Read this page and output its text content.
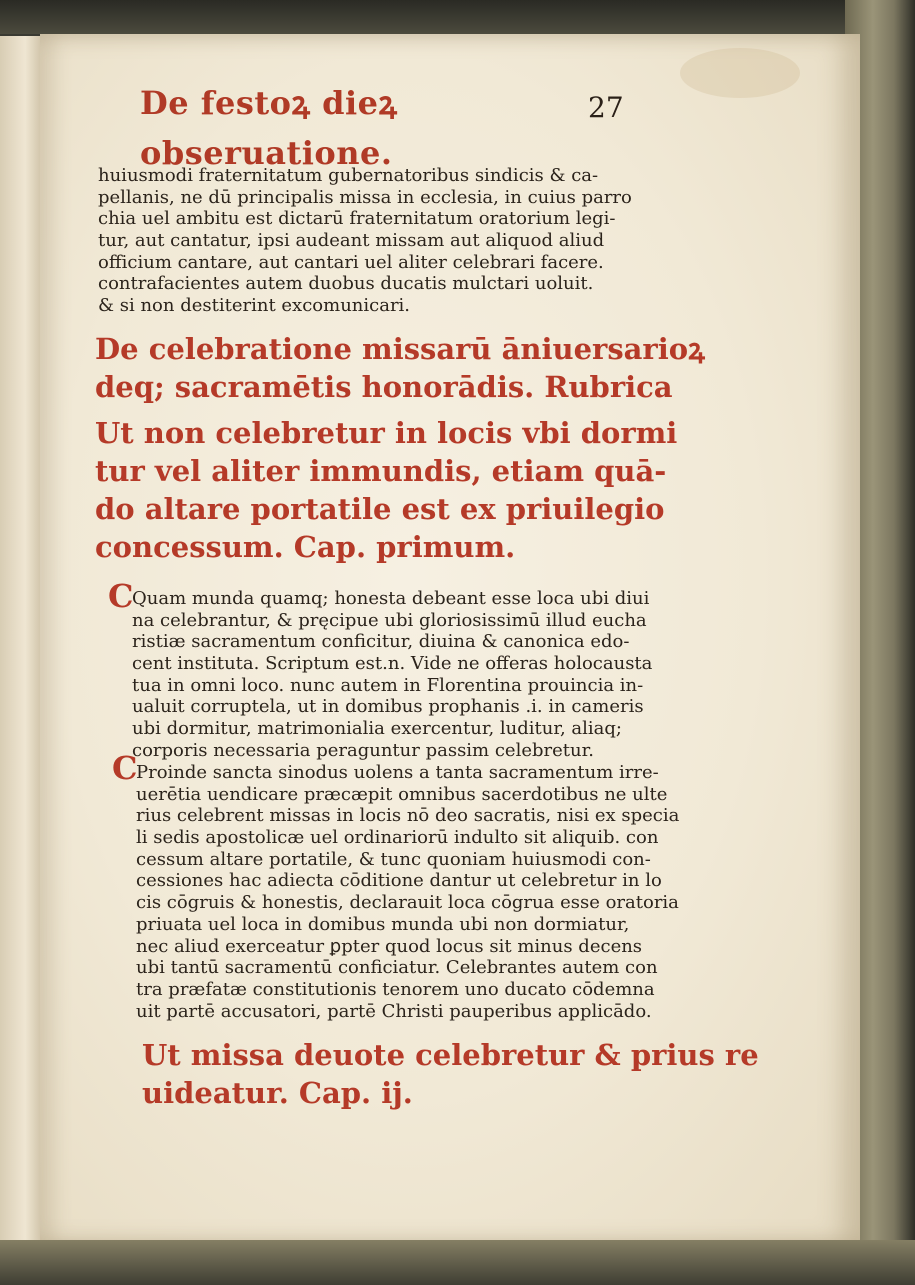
De festoꝝ dieꝝ obseruatione.
27
huiusmodi fraternitatum gubernatoribus sindicis & ca-
pellanis, ne dū principalis missa in ecclesia, in cuius parro
chia uel ambitu est dictarū fraternitatum oratorium legi-
tur, aut cantatur, ipsi audeant missam aut aliquod aliud
officium cantare, aut cantari uel aliter celebrari facere.
contrafacientes autem duobus ducatis mulctari uoluit.
& si non destiterint excomunicari.
De celebratione missarū āniuersarioꝝ
deq; sacramētis honorādis. Rubrica
Ut non celebretur in locis vbi dormi
tur vel aliter immundis, etiam quā-
do altare portatile est ex priuilegio
concessum. Cap. primum.
C
Quam munda quamq; honesta debeant esse loca ubi diui
na celebrantur, & pręcipue ubi gloriosissimū illud eucha
ristiæ sacramentum conficitur, diuina & canonica edo-
cent instituta. Scriptum est.n. Vide ne offeras holocausta
tua in omni loco. nunc autem in Florentina prouincia in-
ualuit corruptela, ut in domibus prophanis .i. in cameris
ubi dormitur, matrimonialia exercentur, luditur, aliaq;
corporis necessaria peraguntur passim celebretur.
C
Proinde sancta sinodus uolens a tanta sacramentum irre-
uerētia uendicare præcæpit omnibus sacerdotibus ne ulte
rius celebrent missas in locis nō deo sacratis, nisi ex specia
li sedis apostolicæ uel ordinariorū indulto sit aliquib. con
cessum altare portatile, & tunc quoniam huiusmodi con-
cessiones hac adiecta cōditione dantur ut celebretur in lo
cis cōgruis & honestis, declarauit loca cōgrua esse oratoria
priuata uel loca in domibus munda ubi non dormiatur,
nec aliud exerceatur ꝑpter quod locus sit minus decens
ubi tantū sacramentū conficiatur. Celebrantes autem con
tra præfatæ constitutionis tenorem uno ducato cōdemna
uit partē accusatori, partē Christi pauperibus applicādo.
Ut missa deuote celebretur & prius re
uideatur. Cap. ij.
